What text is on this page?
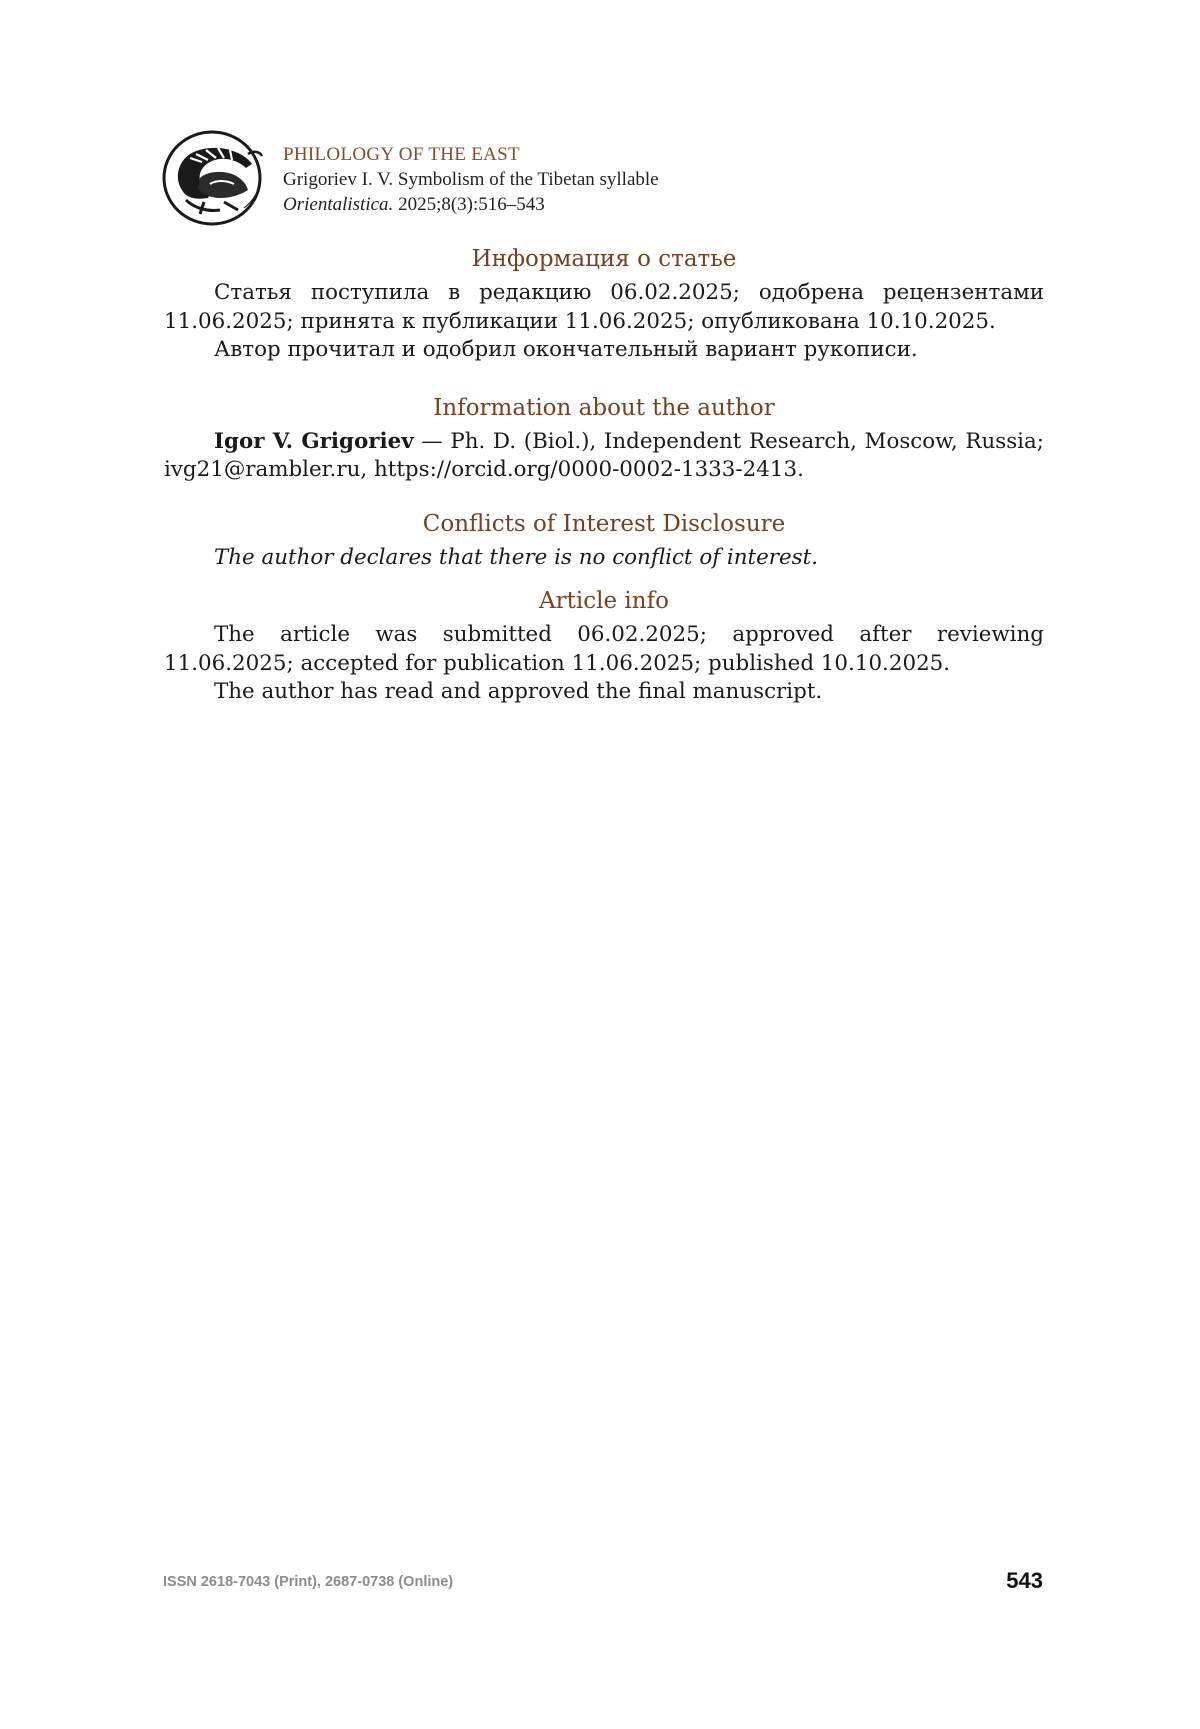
PHILOLOGY OF THE EAST
Grigoriev I. V. Symbolism of the Tibetan syllable
Orientalistica. 2025;8(3):516–543
Информация о статье

Статья поступила в редакцию 06.02.2025; одобрена рецензентами 11.06.2025; принята к публикации 11.06.2025; опубликована 10.10.2025.

Автор прочитал и одобрил окончательный вариант рукописи.

Information about the author

Igor V. Grigoriev — Ph. D. (Biol.), Independent Research, Moscow, Russia; ivg21@rambler.ru, https://orcid.org/0000-0002-1333-2413.

Conflicts of Interest Disclosure

The author declares that there is no conflict of interest.

Article info

The article was submitted 06.02.2025; approved after reviewing 11.06.2025; accepted for publication 11.06.2025; published 10.10.2025.

The author has read and approved the final manuscript.

ISSN 2618-7043 (Print), 2687-0738 (Online)	543
